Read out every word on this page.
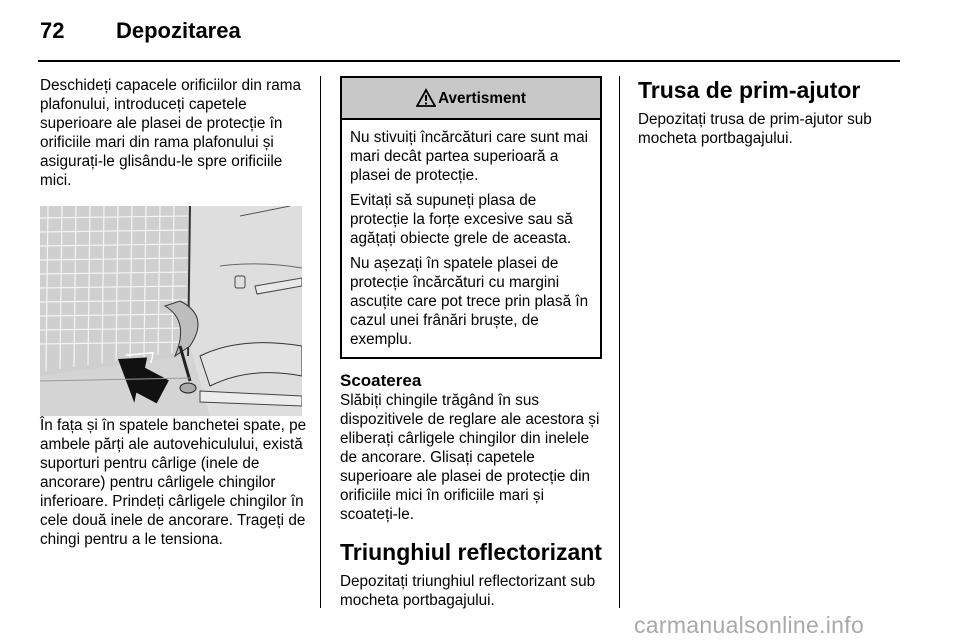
72 Depozitarea

Deschideți capacele orificiilor din rama plafonului, introduceți capetele superioare ale plasei de protecție în orificiile mari din rama plafonului și asigurați-le glisându-le spre orificiile mici.

În fața și în spatele banchetei spate, pe ambele părți ale autovehiculului, există suporturi pentru cârlige (inele de ancorare) pentru cârligele chingilor inferioare. Prindeți cârligele chingilor în cele două inele de ancorare. Trageți de chingi pentru a le tensiona.

Avertisment

Nu stivuiți încărcături care sunt mai mari decât partea superioară a plasei de protecție.

Evitați să supuneți plasa de protecție la forțe excesive sau să agățați obiecte grele de aceasta.

Nu așezați în spatele plasei de protecție încărcături cu margini ascuțite care pot trece prin plasă în cazul unei frânări bruște, de exemplu.

Scoaterea

Slăbiți chingile trăgând în sus dispozitivele de reglare ale acestora și eliberați cârligele chingilor din inelele de ancorare. Glisați capetele superioare ale plasei de protecție din orificiile mici în orificiile mari și scoateți-le.

Triunghiul reflectorizant

Depozitați triunghiul reflectorizant sub mocheta portbagajului.

Trusa de prim-ajutor

Depozitați trusa de prim-ajutor sub mocheta portbagajului.

carmanualsonline.info
